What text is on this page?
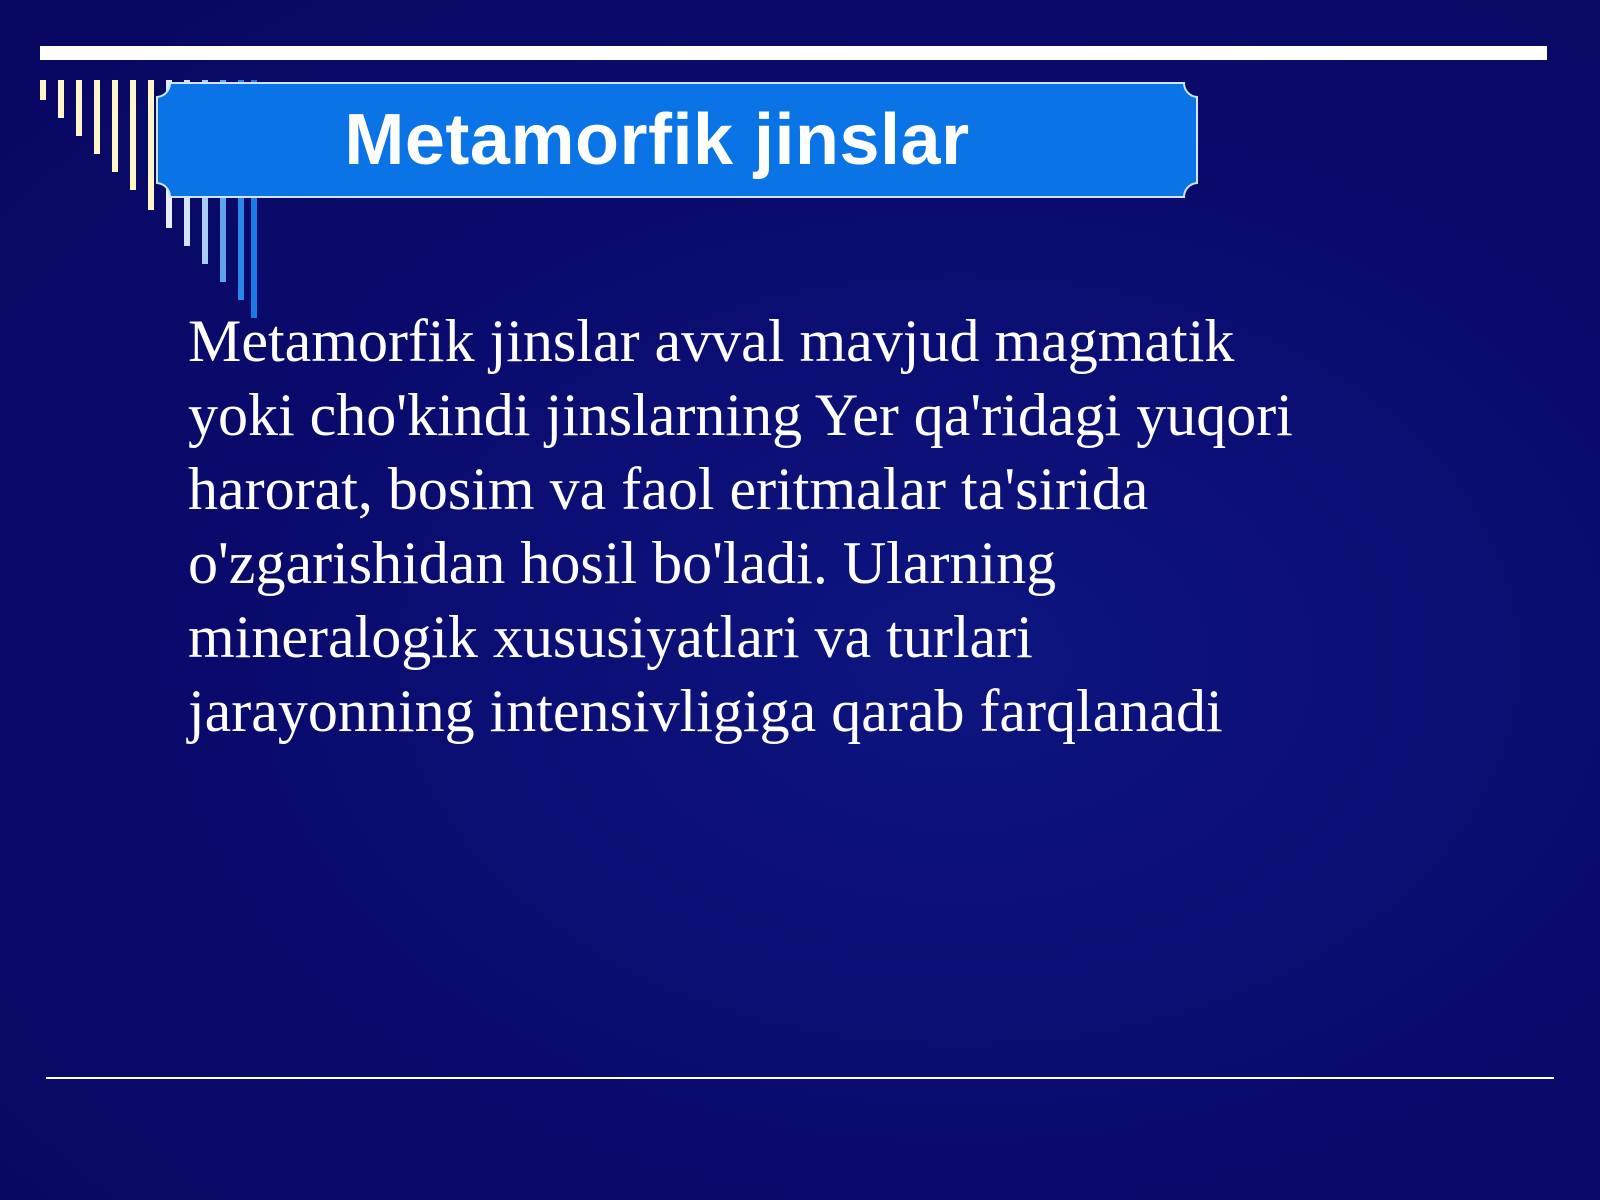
Metamorfik jinslar

Metamorfik jinslar avval mavjud magmatik
yoki cho'kindi jinslarning Yer qa'ridagi yuqori
harorat, bosim va faol eritmalar ta'sirida
o'zgarishidan hosil bo'ladi. Ularning
mineralogik xususiyatlari va turlari
jarayonning intensivligiga qarab farqlanadi
